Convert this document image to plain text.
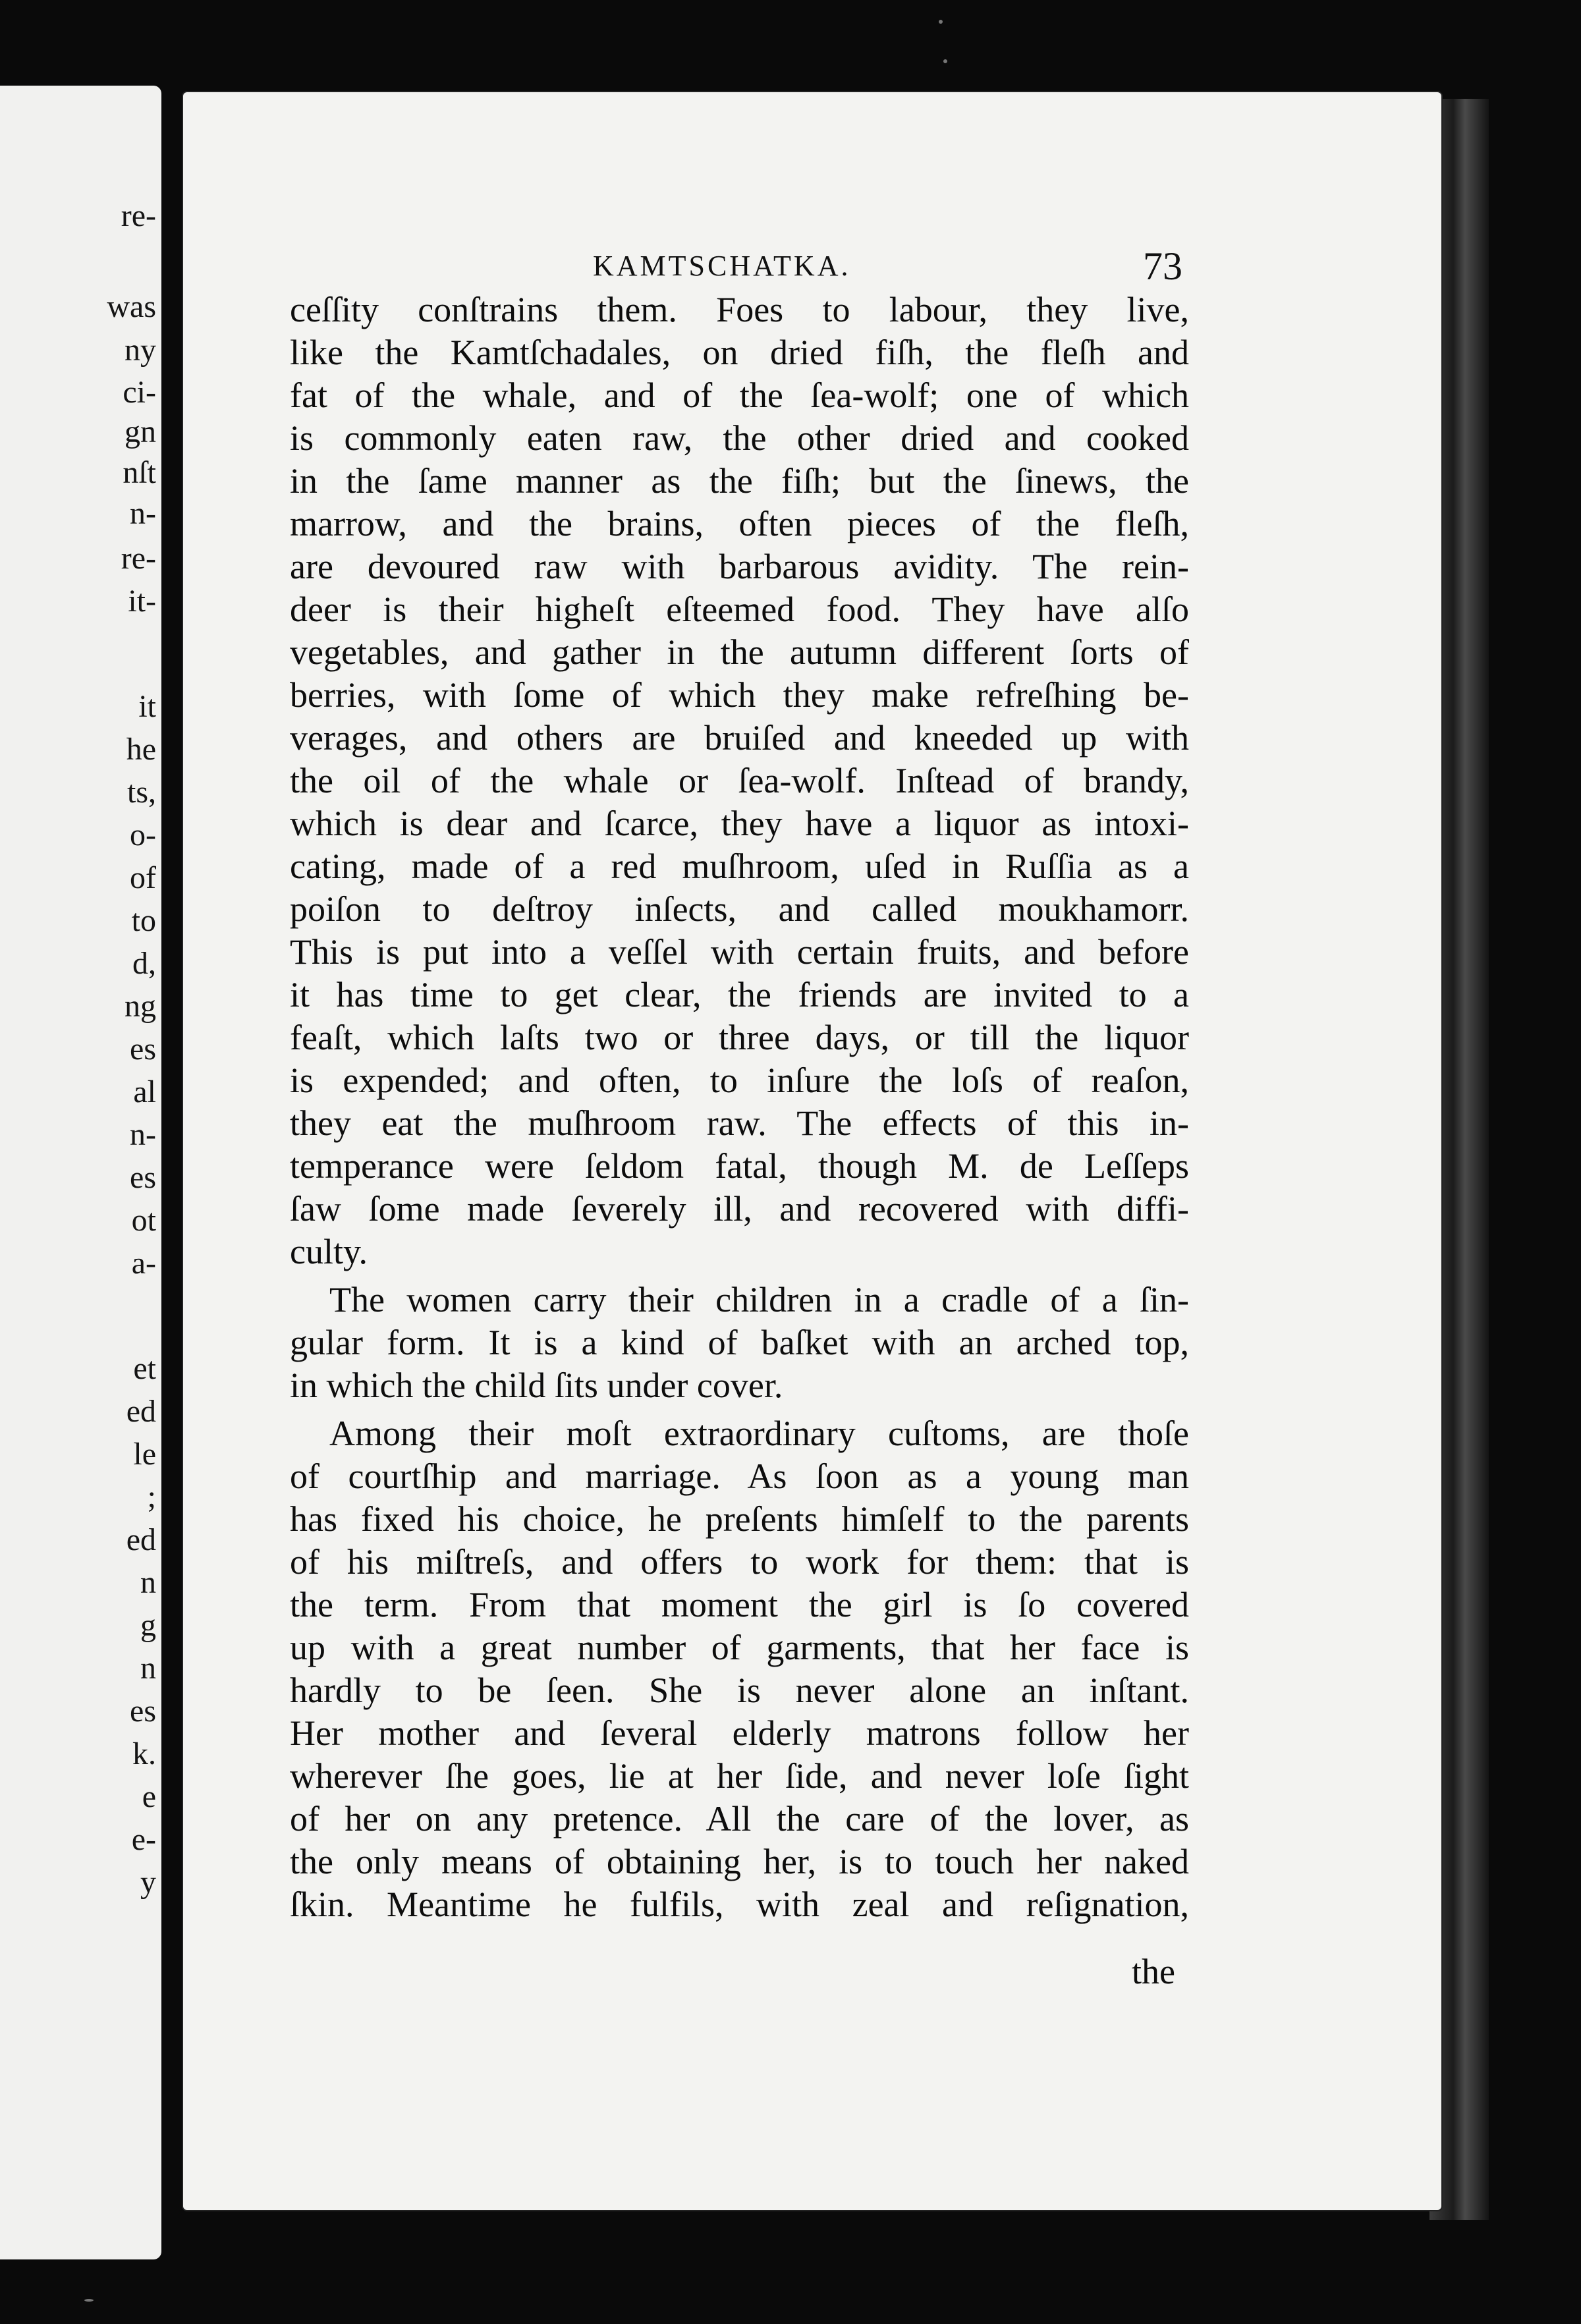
re-
was
ny
ci-
gn
nſt
n-
re-
it-
it
he
ts,
o-
of
to
d,
ng
es
al
n-
es
ot
a-
et
ed
le
;
ed
n
g
n
es
k.
e
e-
y
KAMTSCHATKA.	73
ceſſity conſtrains them. Foes to labour, they live,
like the Kamtſchadales, on dried fiſh, the fleſh and
fat of the whale, and of the ſea-wolf; one of which
is commonly eaten raw, the other dried and cooked
in the ſame manner as the fiſh; but the ſinews, the
marrow, and the brains, often pieces of the fleſh,
are devoured raw with barbarous avidity. The rein-
deer is their higheſt eſteemed food. They have alſo
vegetables, and gather in the autumn different ſorts of
berries, with ſome of which they make refreſhing be-
verages, and others are bruiſed and kneeded up with
the oil of the whale or ſea-wolf. Inſtead of brandy,
which is dear and ſcarce, they have a liquor as intoxi-
cating, made of a red muſhroom, uſed in Ruſſia as a
poiſon to deſtroy inſects, and called moukhamorr.
This is put into a veſſel with certain fruits, and before
it has time to get clear, the friends are invited to a
feaſt, which laſts two or three days, or till the liquor
is expended; and often, to inſure the loſs of reaſon,
they eat the muſhroom raw. The effects of this in-
temperance were ſeldom fatal, though M. de Leſſeps
ſaw ſome made ſeverely ill, and recovered with diffi-
culty.
The women carry their children in a cradle of a ſin-
gular form. It is a kind of baſket with an arched top,
in which the child ſits under cover.
Among their moſt extraordinary cuſtoms, are thoſe
of courtſhip and marriage. As ſoon as a young man
has fixed his choice, he preſents himſelf to the parents
of his miſtreſs, and offers to work for them: that is
the term. From that moment the girl is ſo covered
up with a great number of garments, that her face is
hardly to be ſeen. She is never alone an inſtant.
Her mother and ſeveral elderly matrons follow her
wherever ſhe goes, lie at her ſide, and never loſe ſight
of her on any pretence. All the care of the lover, as
the only means of obtaining her, is to touch her naked
ſkin. Meantime he fulfils, with zeal and reſignation,
the
